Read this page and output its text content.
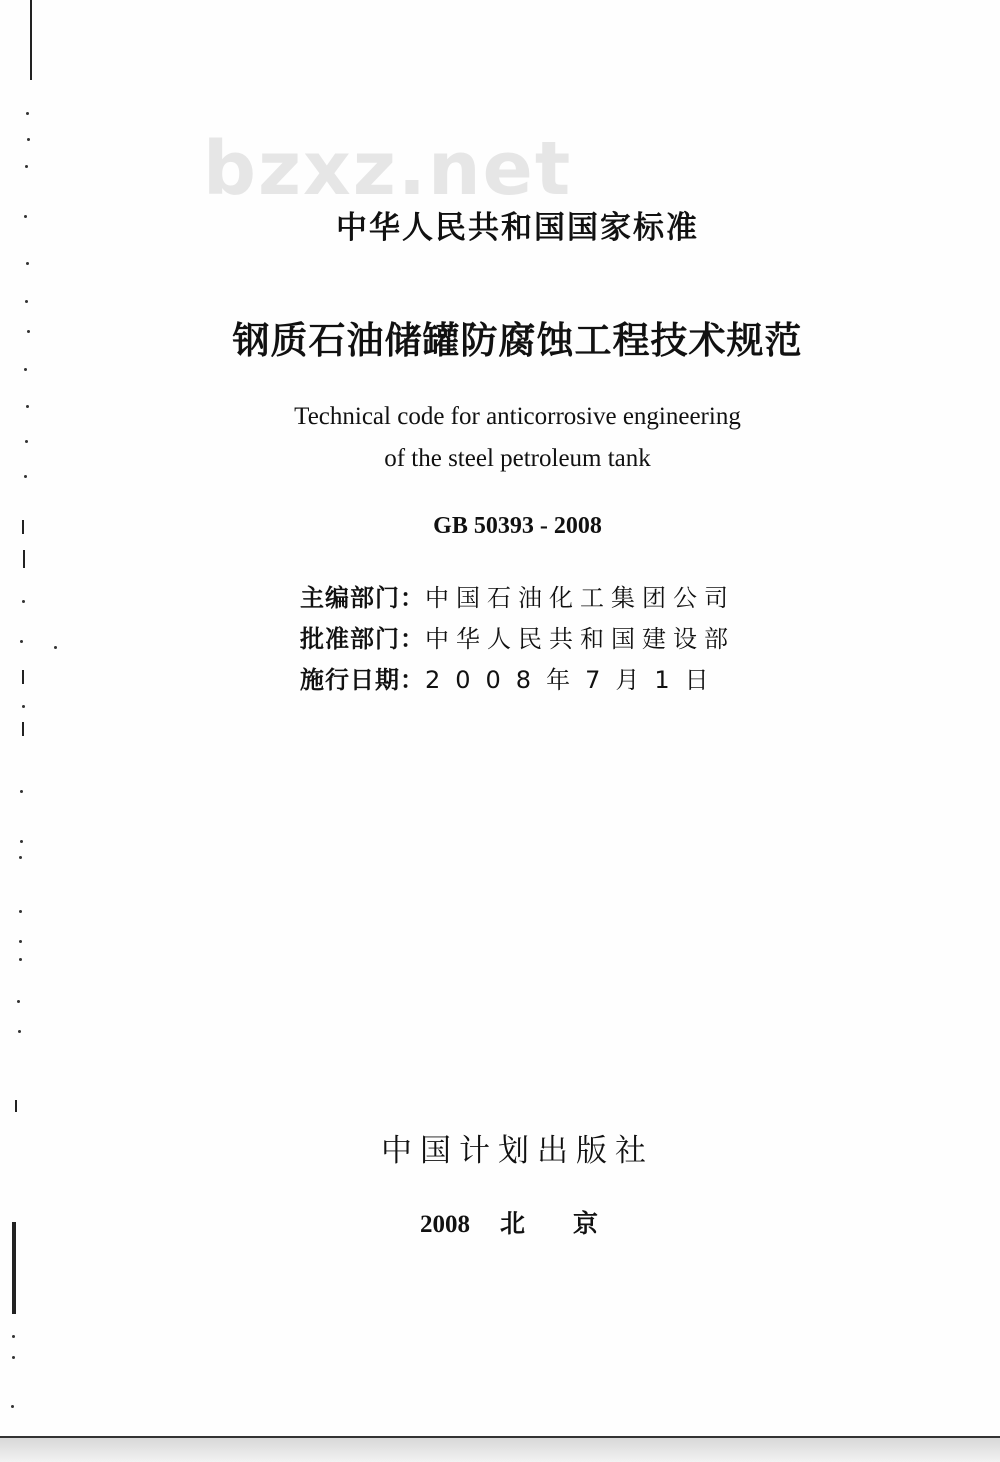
bzxz.net
中华人民共和国国家标准
钢质石油储罐防腐蚀工程技术规范
Technical code for anticorrosive engineering
of the steel petroleum tank
GB 50393 - 2008
主编部门：中国石油化工集团公司
批准部门：中华人民共和国建设部
施行日期：2008年7月1日
中国计划出版社
2008 北京
